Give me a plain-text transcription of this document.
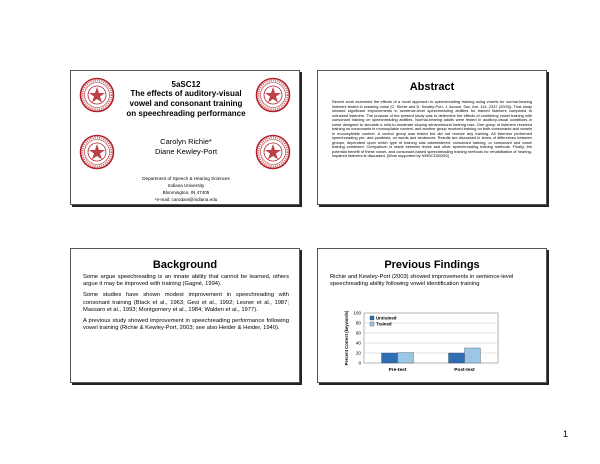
5aSC12
The effects of auditory-visual
vowel and consonant training
on speechreading performance
Carolyn Richie*
Diane Kewley-Port
Department of Speech & Hearing Sciences
Indiana University
Bloomington, IN 47405
*e-mail: carodavi@indiana.edu
Abstract
Recent work examined the effects of a novel approach to speechreading training using vowels for normal-hearing listeners tested in masking noise (C. Richie and D. Kewley-Port, J. Acoust. Soc. Am. 114, 2337 (2003)). That study showed significant improvements in sentence-level speechreading abilities for trained listeners compared to untrained listeners. The purpose of the present study was to determine the effects of combining vowel training with consonant training on speechreading abilities. Normal-hearing adults were tested in auditory-visual conditions in noise designed to simulate a mild-to-moderate sloping sensorineural hearing loss. One group of listeners received training on consonants in monosyllable context, and another group received training on both consonants and vowels in monosyllable context. A control group was tested but did not receive any training. All listeners performed speechreading pre- and posttests, on words and sentences. Results are discussed in terms of differences between groups, dependent upon which type of training was administered: consonant training, or consonant and vowel training combined. Comparison is made between these and other speechreading training methods. Finally, the potential benefit of these vowel- and consonant-based speechreading training methods for rehabilitation of hearing-impaired listeners is discussed. [Work supported by NIHDCD00250]
Background

Some argue speechreading is an innate ability that cannot be learned, others argue it may be improved with training (Gagné, 1994).

Some studies have shown modest improvement in speechreading with consonant training (Black et al., 1963; Gesi et al., 1992; Lesner et al., 1987; Massaro et al., 1993; Montgomery et al., 1984; Walden et al., 1977).

A previous study showed improvement in speechreading performance following vowel training (Richie & Kewley-Port, 2003; see also Heider & Heider, 1940).

Previous Findings
Richie and Kewley-Port (2003) showed improvements in sentence-level speechreading ability following vowel identification training
0
20
40
60
80
100
Percent Correct (keywords)
Pre-test	Post-test
Untrained
Trained
1
